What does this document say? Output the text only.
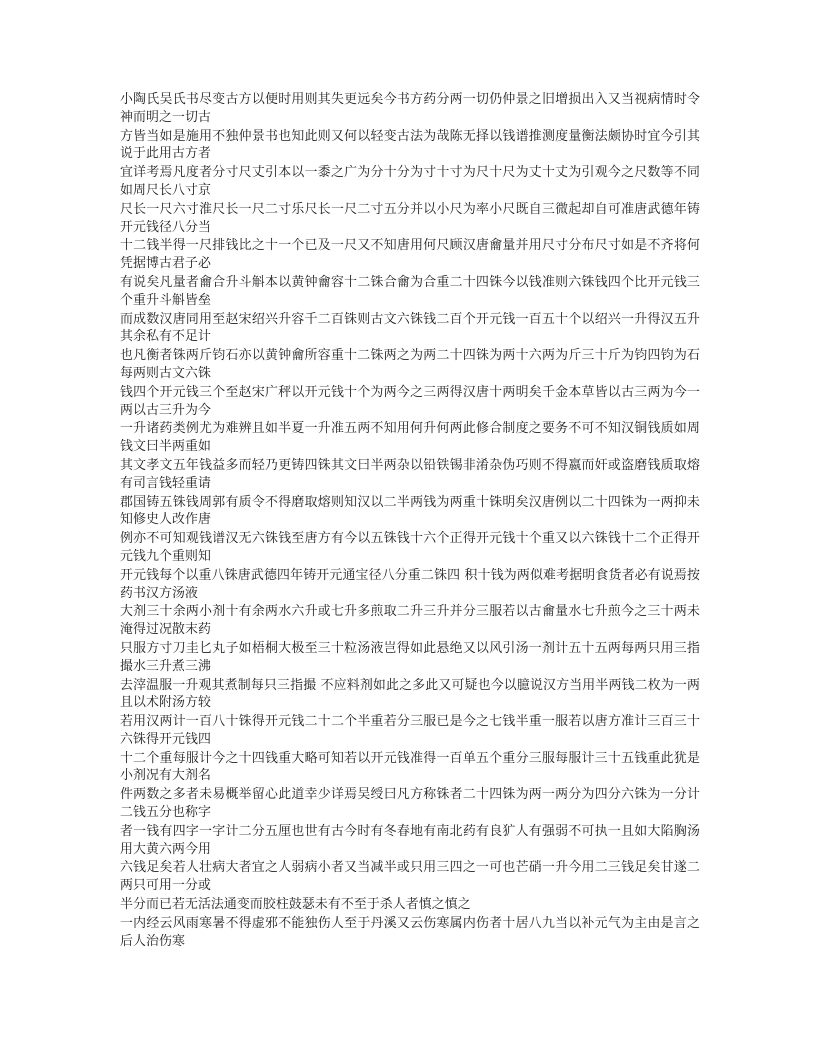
小陶氏吴氏书尽变古方以便时用则其失更远矣今书方药分两一切仍仲景之旧增损出入又当视病情时令神而明之一切古

方皆当如是施用不独仲景书也知此则又何以轻变古法为哉陈无择以钱谱推测度量衡法颇协时宜今引其说于此用古方者

宜详考焉凡度者分寸尺丈引本以一黍之广为分十分为寸十寸为尺十尺为丈十丈为引观今之尺数等不同如周尺长八寸京

尺长一尺六寸淮尺长一尺二寸乐尺长一尺二寸五分并以小尺为率小尺既自三微起却自可准唐武德年铸开元钱径八分当

十二钱半得一尺排钱比之十一个已及一尺又不知唐用何尺顾汉唐龠量并用尺寸分布尺寸如是不齐将何凭据博古君子必

有说矣凡量者龠合升斗斛本以黄钟龠容十二铢合龠为合重二十四铢今以钱准则六铢钱四个比开元钱三个重升斗斛皆垒

而成数汉唐同用至赵宋绍兴升容千二百铢则古文六铢钱二百个开元钱一百五十个以绍兴一升得汉五升其余私有不足计

也凡衡者铢两斤钧石亦以黄钟龠所容重十二铢两之为两二十四铢为两十六两为斤三十斤为钧四钧为石每两则古文六铢

钱四个开元钱三个至赵宋广秤以开元钱十个为两今之三两得汉唐十两明矣千金本草皆以古三两为今一两以古三升为今

一升诸药类例尤为难辨且如半夏一升准五两不知用何升何两此修合制度之要务不可不知汉铜钱质如周钱文曰半两重如

其文孝文五年钱益多而轻乃更铸四铢其文曰半两杂以铅铁锡非淆杂伪巧则不得嬴而奸或盗磨钱质取熔有司言钱轻重请

郡国铸五铢钱周郭有质令不得磨取熔则知汉以二半两钱为两重十铢明矣汉唐例以二十四铢为一两抑未知修史人改作唐

例亦不可知观钱谱汉无六铢钱至唐方有今以五铢钱十六个正得开元钱十个重又以六铢钱十二个正得开元钱九个重则知

开元钱每个以重八铢唐武德四年铸开元通宝径八分重二铢四 积十钱为两似难考据明食货者必有说焉按药书汉方汤液

大剂三十余两小剂十有余两水六升或七升多煎取二升三升并分三服若以古龠量水七升煎今之三十两未淹得过况散末药

只服方寸刀圭匕丸子如梧桐大极至三十粒汤液岂得如此悬绝又以风引汤一剂计五十五两每两只用三指撮水三升煮三沸

去滓温服一升观其煮制每只三指撮 不应料剂如此之多此又可疑也今以臆说汉方当用半两钱二枚为一两且以术附汤方较

若用汉两计一百八十铢得开元钱二十二个半重若分三服已是今之七钱半重一服若以唐方准计三百三十六铢得开元钱四

十二个重每服计今之十四钱重大略可知若以开元钱准得一百单五个重分三服每服计三十五钱重此犹是小剂况有大剂名

件两数之多者未易概举留心此道幸少详焉吴绶曰凡方称铢者二十四铢为两一两分为四分六铢为一分计二钱五分也称字

者一钱有四字一字计二分五厘也世有古今时有冬春地有南北药有良犷人有强弱不可执一且如大陷胸汤用大黄六两今用

六钱足矣若人壮病大者宜之人弱病小者又当减半或只用三四之一可也芒硝一升今用二三钱足矣甘遂二两只可用一分或

半分而已若无活法通变而胶柱鼓瑟未有不至于杀人者慎之慎之

一内经云风雨寒暑不得虚邪不能独伤人至于丹溪又云伤寒属内伤者十居八九当以补元气为主由是言之后人治伤寒
